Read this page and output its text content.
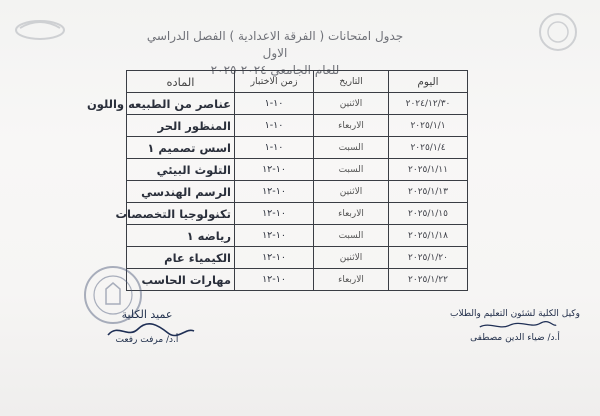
جدول امتحانات ( الفرقة الاعدادية ) الفصل الدراسي الاول
للعام الجامعي ٢٠٢٤-٢٠٢٥
اليوم	التاريخ	زمن الاختبار	الماده
٢٠٢٤/١٢/٣٠	الاثنين	١٠-١	عناصر من الطبيعه واللون
٢٠٢٥/١/١	الاربعاء	١٠-١	المنظور الحر
٢٠٢٥/١/٤	السبت	١٠-١	اسس تصميم ١
٢٠٢٥/١/١١	السبت	١٠-١٢	التلوث البيئي
٢٠٢٥/١/١٣	الاثنين	١٠-١٢	الرسم الهندسي
٢٠٢٥/١/١٥	الاربعاء	١٠-١٢	تكنولوجيا التخصصات
٢٠٢٥/١/١٨	السبت	١٠-١٢	رياضه ١
٢٠٢٥/١/٢٠	الاثنين	١٠-١٢	الكيمياء عام
٢٠٢٥/١/٢٢	الاربعاء	١٠-١٢	مهارات الحاسب
عميد الكلية
أ.د/ مرفت رفعت
وكيل الكلية لشئون التعليم والطلاب
أ.د/ ضياء الدين مصطفى
